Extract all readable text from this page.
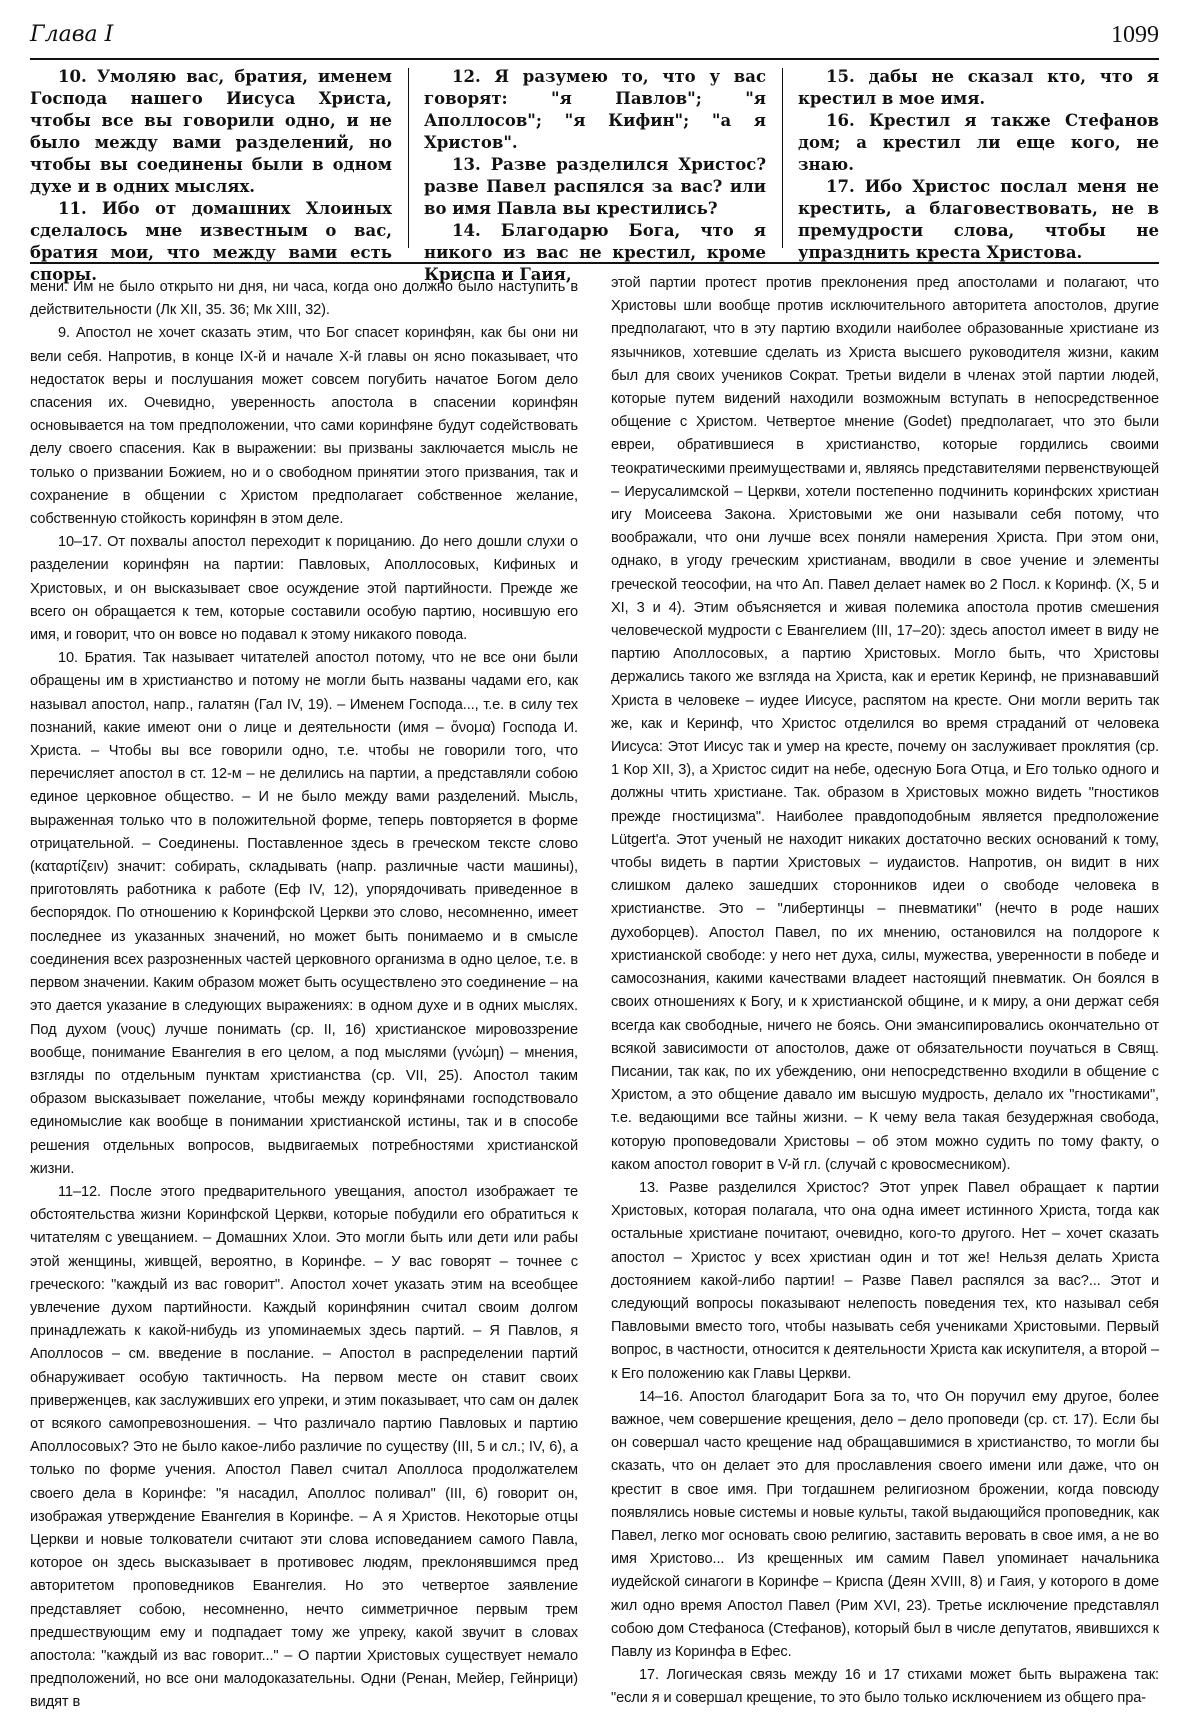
Глава I	1099

10. Умоляю вас, братия, именем Господа нашего Иисуса Христа, чтобы все вы говорили одно, и не было между вами разделений, но чтобы вы соединены были в одном духе и в одних мыслях.

11. Ибо от домашних Хлоиных сделалось мне известным о вас, братия мои, что между вами есть споры.

12. Я разумею то, что у вас говорят: "я Павлов"; "я Аполлосов"; "я Кифин"; "а я Христов".

13. Разве разделился Христос? разве Павел распялся за вас? или во имя Павла вы крестились?

14. Благодарю Бога, что я никого из вас не крестил, кроме Криспа и Гаия,

15. дабы не сказал кто, что я крестил в мое имя.

16. Крестил я также Стефанов дом; а крестил ли еще кого, не знаю.

17. Ибо Христос послал меня не крестить, а благовествовать, не в премудрости слова, чтобы не упразднить креста Христова.

мени. Им не было открыто ни дня, ни часа, когда оно должно было наступить в действительности (Лк XII, 35. 36; Мк XIII, 32).

9. Апостол не хочет сказать этим, что Бог спасет коринфян, как бы они ни вели себя. Напротив, в конце IX-й и начале X-й главы он ясно показывает, что недостаток веры и послушания может совсем погубить начатое Богом дело спасения их. Очевидно, уверенность апостола в спасении коринфян основывается на том предположении, что сами коринфяне будут содействовать делу своего спасения. Как в выражении: вы призваны заключается мысль не только о призвании Божием, но и о свободном принятии этого призвания, так и сохранение в общении с Христом предполагает собственное желание, собственную стойкость коринфян в этом деле.

10–17. От похвалы апостол переходит к порицанию. До него дошли слухи о разделении коринфян на партии: Павловых, Аполлосовых, Кифиных и Христовых, и он высказывает свое осуждение этой партийности. Прежде же всего он обращается к тем, которые составили особую партию, носившую его имя, и говорит, что он вовсе но подавал к этому никакого повода.

10. Братия. Так называет читателей апостол потому, что не все они были обращены им в христианство и потому не могли быть названы чадами его, как называл апостол, напр., галатян (Гал IV, 19). – Именем Господа..., т.е. в силу тех познаний, какие имеют они о лице и деятельности (имя – ὄνομα) Господа И. Христа. – Чтобы вы все говорили одно, т.е. чтобы не говорили того, что перечисляет апостол в ст. 12-м – не делились на партии, а представляли собою единое церковное общество. – И не было между вами разделений. Мысль, выраженная только что в положительной форме, теперь повторяется в форме отрицательной. – Соединены. Поставленное здесь в греческом тексте слово (καταρτίζειν) значит: собирать, складывать (напр. различные части машины), приготовлять работника к работе (Еф IV, 12), упорядочивать приведенное в беспорядок. По отношению к Коринфской Церкви это слово, несомненно, имеет последнее из указанных значений, но может быть понимаемо и в смысле соединения всех разрозненных частей церковного организма в одно целое, т.е. в первом значении. Каким образом может быть осуществлено это соединение – на это дается указание в следующих выражениях: в одном духе и в одних мыслях. Под духом (νους) лучше понимать (ср. II, 16) христианское мировоззрение вообще, понимание Евангелия в его целом, а под мыслями (γνώμη) – мнения, взгляды по отдельным пунктам христианства (ср. VII, 25). Апостол таким образом высказывает пожелание, чтобы между коринфянами господствовало единомыслие как вообще в понимании христианской истины, так и в способе решения отдельных вопросов, выдвигаемых потребностями христианской жизни.

11–12. После этого предварительного увещания, апостол изображает те обстоятельства жизни Коринфской Церкви, которые побудили его обратиться к читателям с увещанием. – Домашних Хлои. Это могли быть или дети или рабы этой женщины, живщей, вероятно, в Коринфе. – У вас говорят – точнее с греческого: "каждый из вас говорит". Апостол хочет указать этим на всеобщее увлечение духом партийности. Каждый коринфянин считал своим долгом принадлежать к какой-нибудь из упоминаемых здесь партий. – Я Павлов, я Аполлосов – см. введение в послание. – Апостол в распределении партий обнаруживает особую тактичность. На первом месте он ставит своих приверженцев, как заслуживших его упреки, и этим показывает, что сам он далек от всякого самопревозношения. – Что различало партию Павловых и партию Аполлосовых? Это не было какое-либо различие по существу (III, 5 и сл.; IV, 6), а только по форме учения. Апостол Павел считал Аполлоса продолжателем своего дела в Коринфе: "я насадил, Аполлос поливал" (III, 6) говорит он, изображая утверждение Евангелия в Коринфе. – А я Христов. Некоторые отцы Церкви и новые толкователи считают эти слова исповеданием самого Павла, которое он здесь высказывает в противовес людям, преклонявшимся пред авторитетом проповедников Евангелия. Но это четвертое заявление представляет собою, несомненно, нечто симметричное первым трем предшествующим ему и подпадает тому же упреку, какой звучит в словах апостола: "каждый из вас говорит..." – О партии Христовых существует немало предположений, но все они малодоказательны. Одни (Ренан, Мейер, Гейнрици) видят в

этой партии протест против преклонения пред апостолами и полагают, что Христовы шли вообще против исключительного авторитета апостолов, другие предполагают, что в эту партию входили наиболее образованные христиане из язычников, хотевшие сделать из Христа высшего руководителя жизни, каким был для своих учеников Сократ. Третьи видели в членах этой партии людей, которые путем видений находили возможным вступать в непосредственное общение с Христом. Четвертое мнение (Godet) предполагает, что это были евреи, обратившиеся в христианство, которые гордились своими теократическими преимуществами и, являясь представителями первенствующей – Иерусалимской – Церкви, хотели постепенно подчинить коринфских христиан игу Моисеева Закона. Христовыми же они называли себя потому, что воображали, что они лучше всех поняли намерения Христа. При этом они, однако, в угоду греческим христианам, вводили в свое учение и элементы греческой теософии, на что Ап. Павел делает намек во 2 Посл. к Коринф. (X, 5 и XI, 3 и 4). Этим объясняется и живая полемика апостола против смешения человеческой мудрости с Евангелием (III, 17–20): здесь апостол имеет в виду не партию Аполлосовых, а партию Христовых. Могло быть, что Христовы держались такого же взгляда на Христа, как и еретик Керинф, не признававший Христа в человеке – иудее Иисусе, распятом на кресте. Они могли верить так же, как и Керинф, что Христос отделился во время страданий от человека Иисуса: Этот Иисус так и умер на кресте, почему он заслуживает проклятия (ср. 1 Кор XII, 3), а Христос сидит на небе, одесную Бога Отца, и Его только одного и должны чтить христиане. Так. образом в Христовых можно видеть "гностиков прежде гностицизма". Наиболее правдоподобным является предположение Lütgert'a. Этот ученый не находит никаких достаточно веских оснований к тому, чтобы видеть в партии Христовых – иудаистов. Напротив, он видит в них слишком далеко зашедших сторонников идеи о свободе человека в христианстве. Это – "либертинцы – пневматики" (нечто в роде наших духоборцев). Апостол Павел, по их мнению, остановился на полдороге к христианской свободе: у него нет духа, силы, мужества, уверенности в победе и самосознания, какими качествами владеет настоящий пневматик. Он боялся в своих отношениях к Богу, и к христианской общине, и к миру, а они держат себя всегда как свободные, ничего не боясь. Они эмансипировались окончательно от всякой зависимости от апостолов, даже от обязательности поучаться в Свящ. Писании, так как, по их убеждению, они непосредственно входили в общение с Христом, а это общение давало им высшую мудрость, делало их "гностиками", т.е. ведающими все тайны жизни. – К чему вела такая безудержная свобода, которую проповедовали Христовы – об этом можно судить по тому факту, о каком апостол говорит в V-й гл. (случай с кровосмесником).

13. Разве разделился Христос? Этот упрек Павел обращает к партии Христовых, которая полагала, что она одна имеет истинного Христа, тогда как остальные христиане почитают, очевидно, кого-то другого. Нет – хочет сказать апостол – Христос у всех христиан один и тот же! Нельзя делать Христа достоянием какой-либо партии! – Разве Павел распялся за вас?... Этот и следующий вопросы показывают нелепость поведения тех, кто называл себя Павловыми вместо того, чтобы называть себя учениками Христовыми. Первый вопрос, в частности, относится к деятельности Христа как искупителя, а второй – к Его положению как Главы Церкви.

14–16. Апостол благодарит Бога за то, что Он поручил ему другое, более важное, чем совершение крещения, дело – дело проповеди (ср. ст. 17). Если бы он совершал часто крещение над обращавшимися в христианство, то могли бы сказать, что он делает это для прославления своего имени или даже, что он крестит в свое имя. При тогдашнем религиозном брожении, когда повсюду появлялись новые системы и новые культы, такой выдающийся проповедник, как Павел, легко мог основать свою религию, заставить веровать в свое имя, а не во имя Христово... Из крещенных им самим Павел упоминает начальника иудейской синагоги в Коринфе – Криспа (Деян XVIII, 8) и Гаия, у которого в доме жил одно время Апостол Павел (Рим XVI, 23). Третье исключение представлял собою дом Стефаноса (Стефанов), который был в числе депутатов, явившихся к Павлу из Коринфа в Ефес.

17. Логическая связь между 16 и 17 стихами может быть выражена так: "если я и совершал крещение, то это было только исключением из общего пра-
